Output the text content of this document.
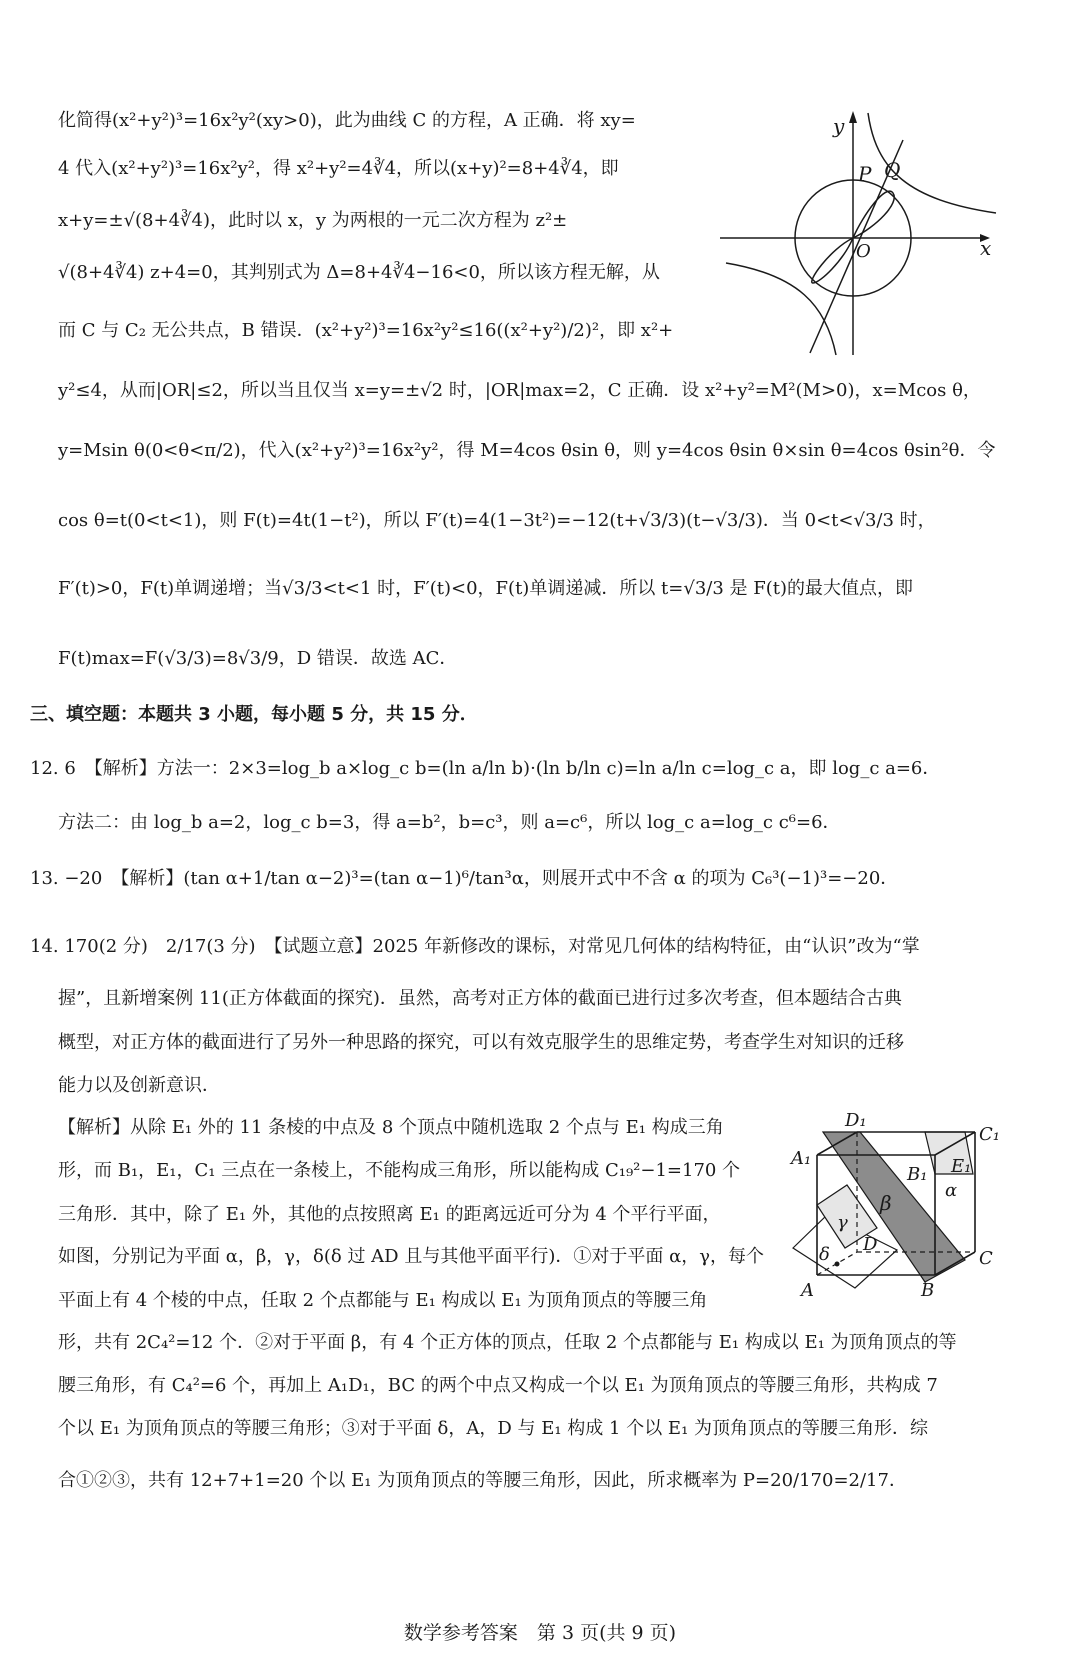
化简得(x²+y²)³=16x²y²(xy>0)，此为曲线 C 的方程，A 正确．将 xy=
4 代入(x²+y²)³=16x²y²，得 x²+y²=4∛4，所以(x+y)²=8+4∛4，即
x+y=±√(8+4∛4)，此时以 x，y 为两根的一元二次方程为 z²±
√(8+4∛4) z+4=0，其判别式为 Δ=8+4∛4−16<0，所以该方程无解，从
而 C 与 C₂ 无公共点，B 错误．(x²+y²)³=16x²y²≤16((x²+y²)/2)²，即 x²+
y²≤4，从而|OR|≤2，所以当且仅当 x=y=±√2 时，|OR|max=2，C 正确．设 x²+y²=M²(M>0)，x=Mcos θ，
y=Msin θ(0<θ<π/2)，代入(x²+y²)³=16x²y²，得 M=4cos θsin θ，则 y=4cos θsin θ×sin θ=4cos θsin²θ．令
cos θ=t(0<t<1)，则 F(t)=4t(1−t²)，所以 F′(t)=4(1−3t²)=−12(t+√3/3)(t−√3/3)．当 0<t<√3/3 时，
F′(t)>0，F(t)单调递增；当√3/3<t<1 时，F′(t)<0，F(t)单调递减．所以 t=√3/3 是 F(t)的最大值点，即
F(t)max=F(√3/3)=8√3/9，D 错误．故选 AC．
y
x
O
P Q
三、填空题：本题共 3 小题，每小题 5 分，共 15 分．
12. 6　【解析】方法一：2×3=log_b a×log_c b=(ln a/ln b)·(ln b/ln c)=ln a/ln c=log_c a，即 log_c a=6．
方法二：由 log_b a=2，log_c b=3，得 a=b²，b=c³，则 a=c⁶，所以 log_c a=log_c c⁶=6．
13. −20　【解析】(tan α+1/tan α−2)³=(tan α−1)⁶/tan³α，则展开式中不含 α 的项为 C₆³(−1)³=−20．
14. 170(2 分)　2/17(3 分)　【试题立意】2025 年新修改的课标，对常见几何体的结构特征，由“认识”改为“掌
握”，且新增案例 11(正方体截面的探究)．虽然，高考对正方体的截面已进行过多次考查，但本题结合古典
概型，对正方体的截面进行了另外一种思路的探究，可以有效克服学生的思维定势，考查学生对知识的迁移
能力以及创新意识．
【解析】从除 E₁ 外的 11 条棱的中点及 8 个顶点中随机选取 2 个点与 E₁ 构成三角
形，而 B₁，E₁，C₁ 三点在一条棱上，不能构成三角形，所以能构成 C₁₉²−1=170 个
三角形．其中，除了 E₁ 外，其他的点按照离 E₁ 的距离远近可分为 4 个平行平面，
如图，分别记为平面 α，β，γ，δ(δ 过 AD 且与其他平面平行)．①对于平面 α，γ，每个
平面上有 4 个棱的中点，任取 2 个点都能与 E₁ 构成以 E₁ 为顶角顶点的等腰三角
形，共有 2C₄²=12 个．②对于平面 β，有 4 个正方体的顶点，任取 2 个点都能与 E₁ 构成以 E₁ 为顶角顶点的等
腰三角形，有 C₄²=6 个，再加上 A₁D₁，BC 的两个中点又构成一个以 E₁ 为顶角顶点的等腰三角形，共构成 7
个以 E₁ 为顶角顶点的等腰三角形；③对于平面 δ，A，D 与 E₁ 构成 1 个以 E₁ 为顶角顶点的等腰三角形．综
合①②③，共有 12+7+1=20 个以 E₁ 为顶角顶点的等腰三角形，因此，所求概率为 P=20/170=2/17．
D₁
C₁
A₁
B₁ E₁
α
β
γ
δ D
C
A	B
数学参考答案　第 3 页(共 9 页)
